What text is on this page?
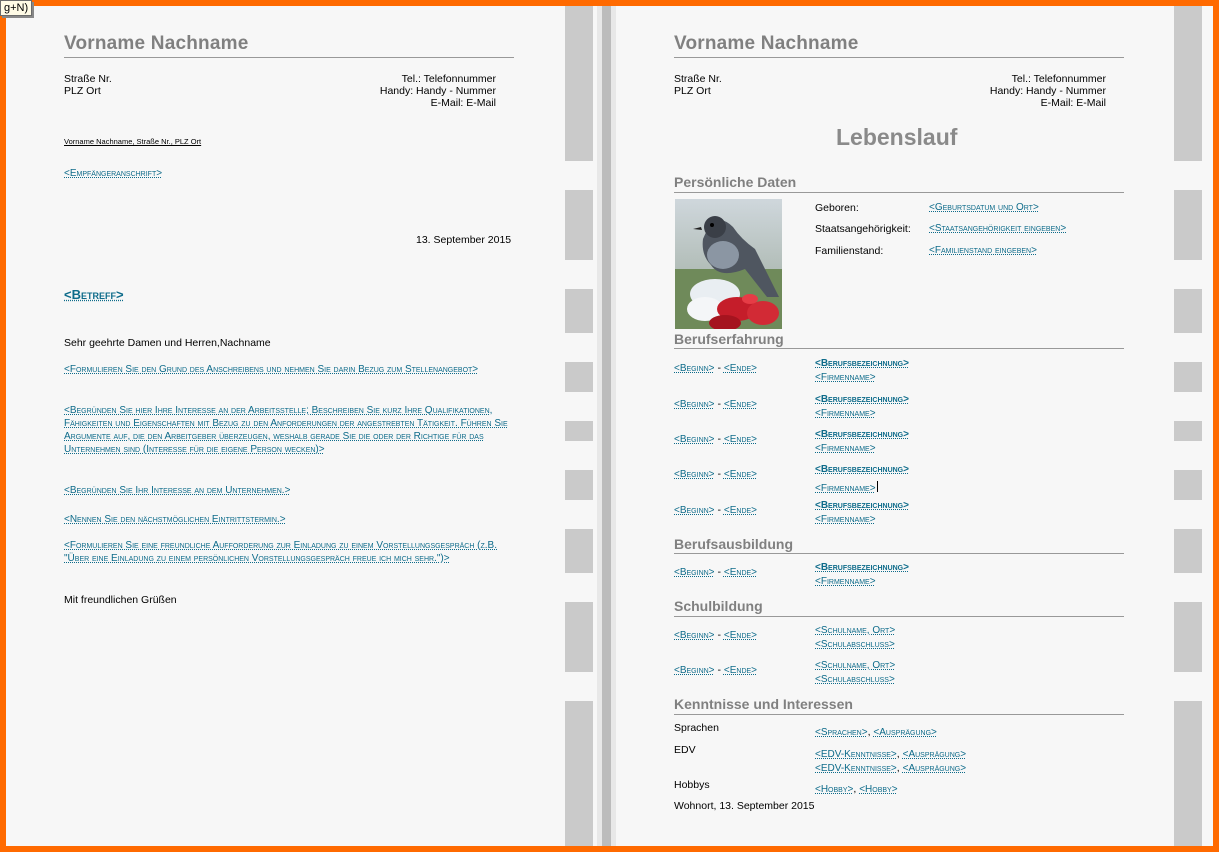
g+N)
Vorname Nachname
Straße Nr.
PLZ Ort
Tel.: Telefonnummer
Handy: Handy - Nummer
E-Mail: E-Mail
Vorname Nachname, Straße Nr., PLZ Ort
<Empfängeranschrift>
13. September 2015
<Betreff>
Sehr geehrte Damen und Herren,Nachname
<Formulieren Sie den Grund des Anschreibens und nehmen Sie darin Bezug zum Stellenangebot>
<Begründen Sie hier Ihre Interesse an der Arbeitsstelle; Beschreiben Sie kurz Ihre Qualifikationen, Fähigkeiten und Eigenschaften mit Bezug zu den Anforderungen der angestrebten Tätigkeit. Führen Sie Argumente auf, die den Arbeitgeber überzeugen, weshalb gerade Sie die oder der Richtige für das Unternehmen sind (Interesse für die eigene Person wecken)>
<Begründen Sie Ihr Interesse an dem Unternehmen.>
<Nennen Sie den nächstmöglichen Eintrittstermin.>
<Formulieren Sie eine freundliche Aufforderung zur Einladung zu einem Vorstellungsgespräch (z.B. "Über eine Einladung zu einem persönlichen Vorstellungsgespräch freue ich mich sehr.")>
Mit freundlichen Grüßen
Vorname Nachname
Straße Nr.
PLZ Ort
Tel.: Telefonnummer
Handy: Handy - Nummer
E-Mail: E-Mail
Lebenslauf
Persönliche Daten
Geboren:	<Geburtsdatum und Ort>
Staatsangehörigkeit: <Staatsangehörigkeit eingeben>
Familienstand:	<Familienstand eingeben>
Berufserfahrung
<Beginn> - <Ende>	<Berufsbezeichnung>
<Firmenname>
<Beginn> - <Ende>	<Berufsbezeichnung>
<Firmenname>
<Beginn> - <Ende>	<Berufsbezeichnung>
<Firmenname>
<Beginn> - <Ende>	<Berufsbezeichnung>
<Firmenname>
<Beginn> - <Ende>	<Berufsbezeichnung>
<Firmenname>
Berufsausbildung
<Beginn> - <Ende>	<Berufsbezeichnung>
<Firmenname>
Schulbildung
<Beginn> - <Ende>	<Schulname, Ort>
<Schulabschluss>
<Beginn> - <Ende>	<Schulname, Ort>
<Schulabschluss>
Kenntnisse und Interessen
Sprachen	<Sprachen>, <Ausprägung>
EDV	<EDV-Kenntnisse>, <Ausprägung>
<EDV-Kenntnisse>, <Ausprägung>
Hobbys	<Hobby>, <Hobby>
Wohnort, 13. September 2015
